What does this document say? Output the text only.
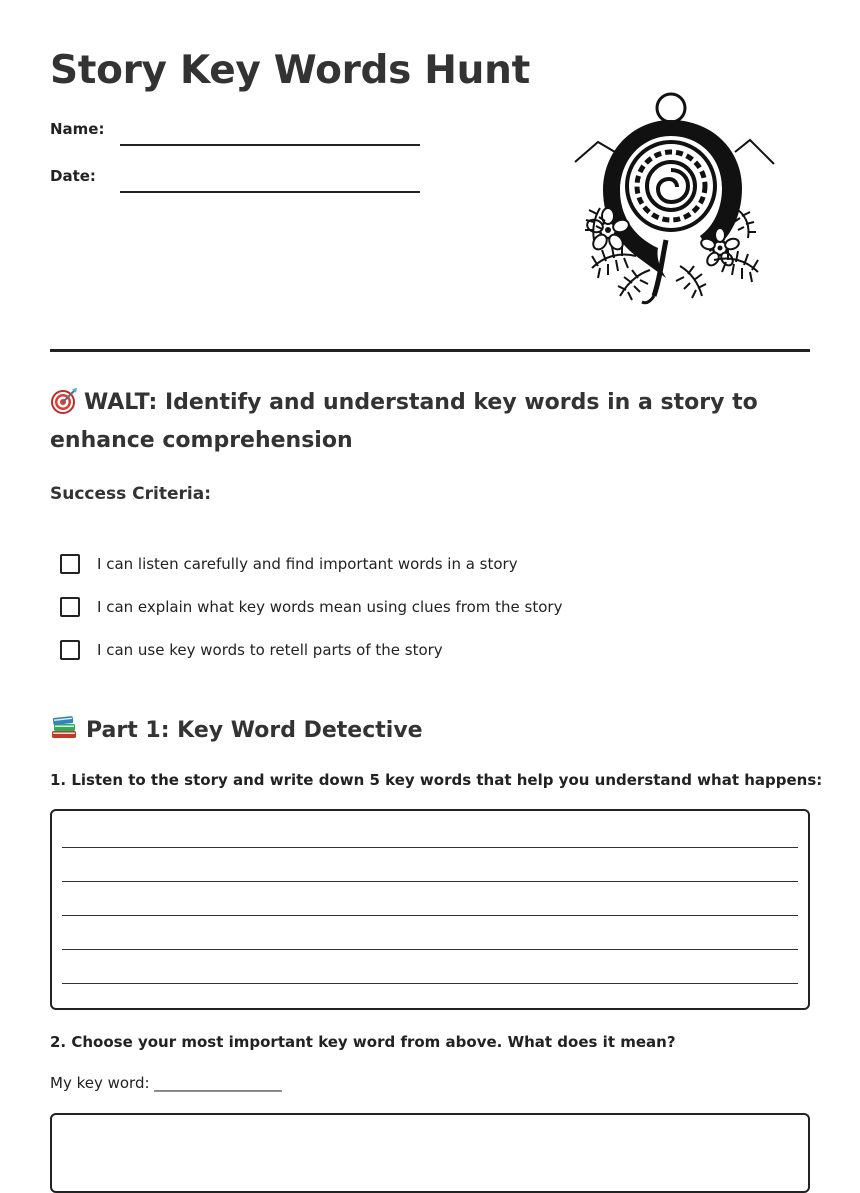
Story Key Words Hunt
Name:
Date:
WALT: Identify and understand key words in a story to enhance comprehension
Success Criteria:
I can listen carefully and find important words in a story
I can explain what key words mean using clues from the story
I can use key words to retell parts of the story
Part 1: Key Word Detective

1. Listen to the story and write down 5 key words that help you understand what happens:

2. Choose your most important key word from above. What does it mean?

My key word: _________________
